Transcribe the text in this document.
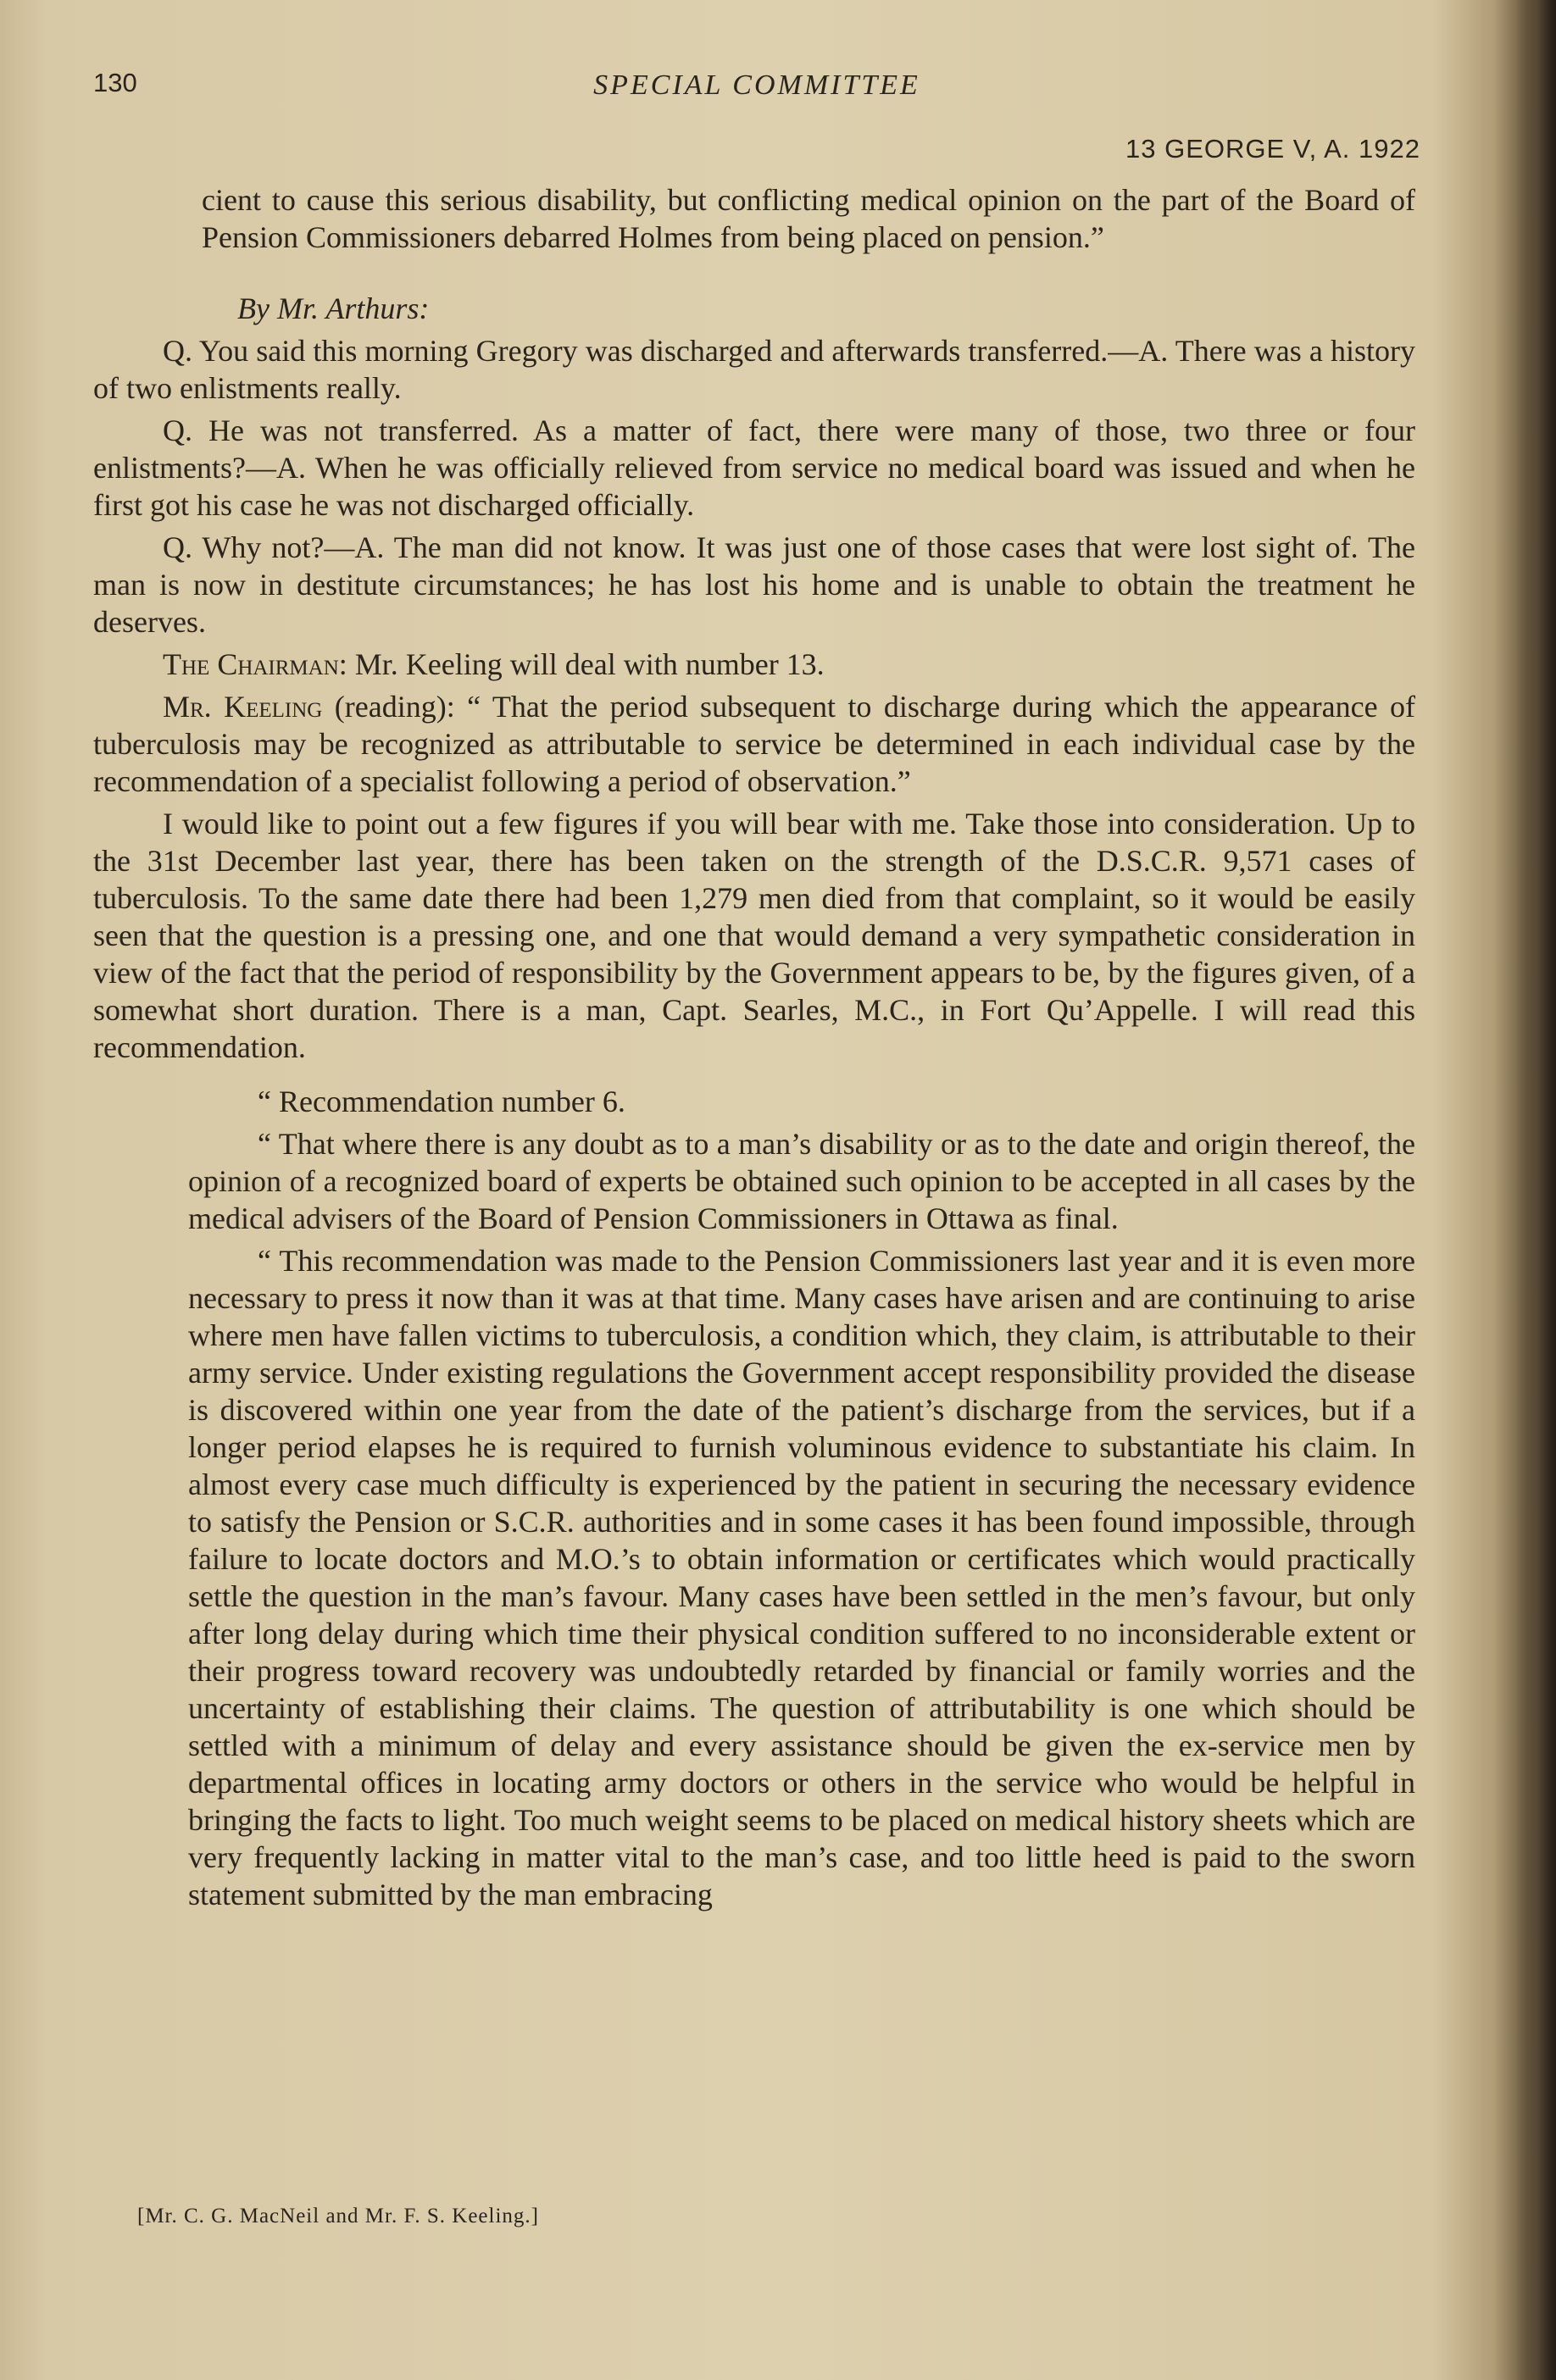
130	SPECIAL COMMITTEE
13 GEORGE V, A. 1922

cient to cause this serious disability, but conflicting medical opinion on the part of the Board of Pension Commissioners debarred Holmes from being placed on pension.”

By Mr. Arthurs:

Q. You said this morning Gregory was discharged and afterwards transferred.—A. There was a history of two enlistments really.

Q. He was not transferred. As a matter of fact, there were many of those, two three or four enlistments?—A. When he was officially relieved from service no medical board was issued and when he first got his case he was not discharged officially.

Q. Why not?—A. The man did not know. It was just one of those cases that were lost sight of. The man is now in destitute circumstances; he has lost his home and is unable to obtain the treatment he deserves.

The Chairman: Mr. Keeling will deal with number 13.

Mr. Keeling (reading): “ That the period subsequent to discharge during which the appearance of tuberculosis may be recognized as attributable to service be determined in each individual case by the recommendation of a specialist following a period of observation.”

I would like to point out a few figures if you will bear with me. Take those into consideration. Up to the 31st December last year, there has been taken on the strength of the D.S.C.R. 9,571 cases of tuberculosis. To the same date there had been 1,279 men died from that complaint, so it would be easily seen that the question is a pressing one, and one that would demand a very sympathetic consideration in view of the fact that the period of responsibility by the Government appears to be, by the figures given, of a somewhat short duration. There is a man, Capt. Searles, M.C., in Fort Qu’Appelle. I will read this recommendation.

“ Recommendation number 6.

“ That where there is any doubt as to a man’s disability or as to the date and origin thereof, the opinion of a recognized board of experts be obtained such opinion to be accepted in all cases by the medical advisers of the Board of Pension Commissioners in Ottawa as final.

“ This recommendation was made to the Pension Commissioners last year and it is even more necessary to press it now than it was at that time. Many cases have arisen and are continuing to arise where men have fallen victims to tuberculosis, a condition which, they claim, is attributable to their army service. Under existing regulations the Government accept responsibility provided the disease is discovered within one year from the date of the patient’s discharge from the services, but if a longer period elapses he is required to furnish voluminous evidence to substantiate his claim. In almost every case much difficulty is experienced by the patient in securing the necessary evidence to satisfy the Pension or S.C.R. authorities and in some cases it has been found impossible, through failure to locate doctors and M.O.’s to obtain information or certificates which would practically settle the question in the man’s favour. Many cases have been settled in the men’s favour, but only after long delay during which time their physical condition suffered to no inconsiderable extent or their progress toward recovery was undoubtedly retarded by financial or family worries and the uncertainty of establishing their claims. The question of attributability is one which should be settled with a minimum of delay and every assistance should be given the ex-service men by departmental offices in locating army doctors or others in the service who would be helpful in bringing the facts to light. Too much weight seems to be placed on medical history sheets which are very frequently lacking in matter vital to the man’s case, and too little heed is paid to the sworn statement submitted by the man embracing

[Mr. C. G. MacNeil and Mr. F. S. Keeling.]
